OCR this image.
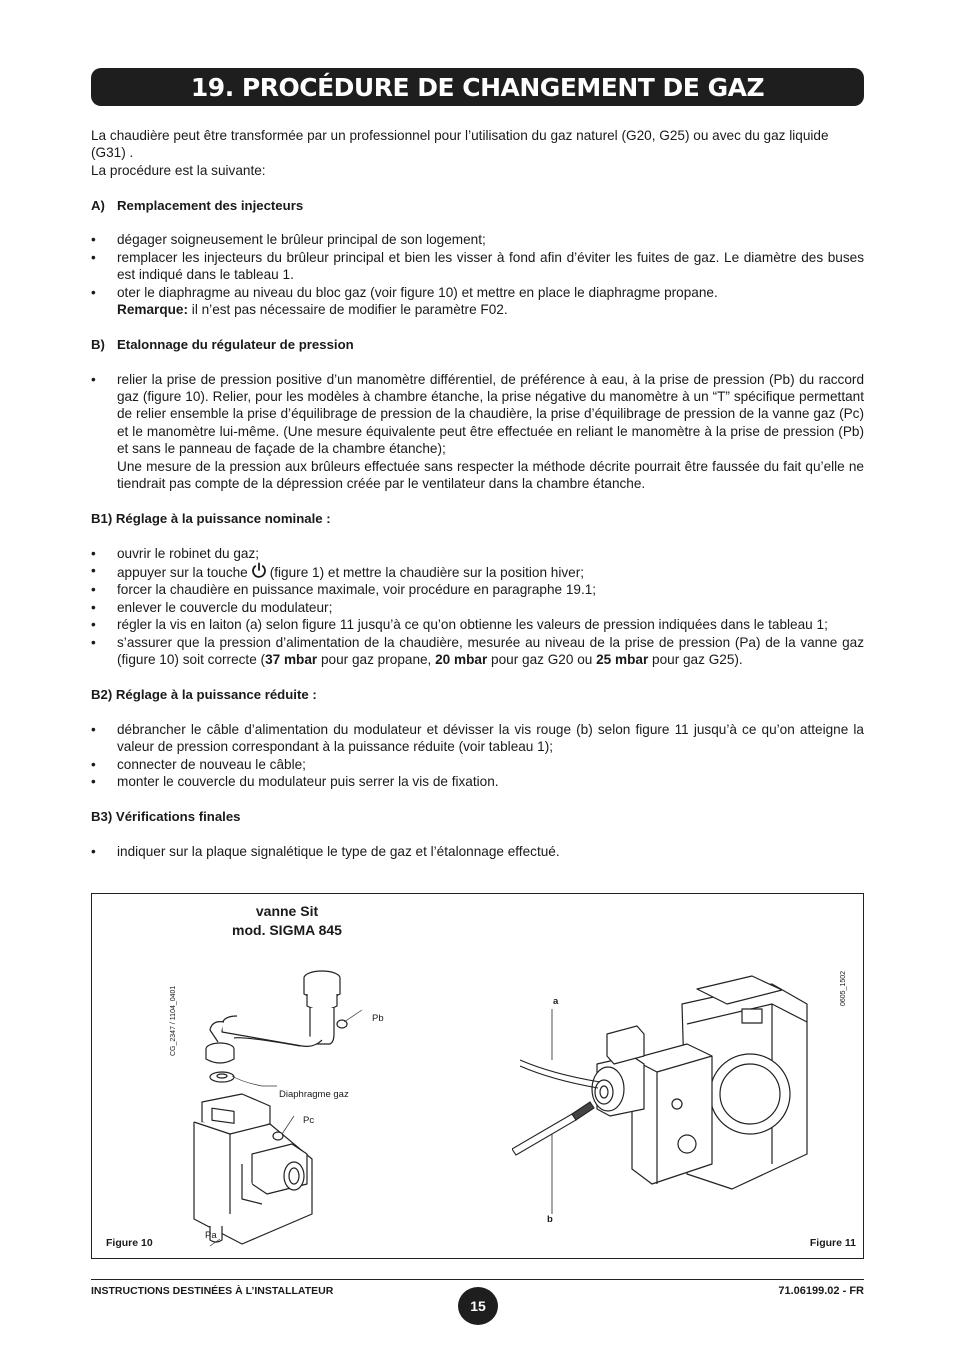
19. PROCÉDURE DE CHANGEMENT DE GAZ

La chaudière peut être transformée par un professionnel pour l’utilisation du gaz naturel (G20, G25) ou avec du gaz liquide (G31) .

La procédure est la suivante:

A) Remplacement des injecteurs

• dégager soigneusement le brûleur principal de son logement;
• remplacer les injecteurs du brûleur principal et bien les visser à fond afin d’éviter les fuites de gaz. Le diamètre des buses est indiqué dans le tableau 1.
• oter le diaphragme au niveau du bloc gaz (voir figure 10) et mettre en place le diaphragme propane.
Remarque: il n’est pas nécessaire de modifier le paramètre F02.

B) Etalonnage du régulateur de pression

• relier la prise de pression positive d’un manomètre différentiel, de préférence à eau, à la prise de pression (Pb) du raccord gaz (figure 10). Relier, pour les modèles à chambre étanche, la prise négative du manomètre à un “T” spécifique permettant de relier ensemble la prise d’équilibrage de pression de la chaudière, la prise d’équilibrage de pression de la vanne gaz (Pc) et le manomètre lui-même. (Une mesure équivalente peut être effectuée en reliant le manomètre à la prise de pression (Pb) et sans le panneau de façade de la chambre étanche);
Une mesure de la pression aux brûleurs effectuée sans respecter la méthode décrite pourrait être faussée du fait qu’elle ne tiendrait pas compte de la dépression créée par le ventilateur dans la chambre étanche.

B1) Réglage à la puissance nominale :

• ouvrir le robinet du gaz;
• appuyer sur la touche (figure 1) et mettre la chaudière sur la position hiver;
• forcer la chaudière en puissance maximale, voir procédure en paragraphe 19.1;
• enlever le couvercle du modulateur;
• régler la vis en laiton (a) selon figure 11 jusqu’à ce qu’on obtienne les valeurs de pression indiquées dans le tableau 1;
• s’assurer que la pression d’alimentation de la chaudière, mesurée au niveau de la prise de pression (Pa) de la vanne gaz (figure 10) soit correcte (37 mbar pour gaz propane, 20 mbar pour gaz G20 ou 25 mbar pour gaz G25).

B2) Réglage à la puissance réduite :

• débrancher le câble d’alimentation du modulateur et dévisser la vis rouge (b) selon figure 11 jusqu’à ce qu’on atteigne la valeur de pression correspondant à la puissance réduite (voir tableau 1);
• connecter de nouveau le câble;
• monter le couvercle du modulateur puis serrer la vis de fixation.

B3) Vérifications finales

• indiquer sur la plaque signalétique le type de gaz et l’étalonnage effectué.
vanne Sit
mod. SIGMA 845
CG_2347 / 1104_0401	0605_1502
Pb
Diaphragme gaz
Pc
Pa
a
b
Figure 10	Figure 11
INSTRUCTIONS DESTINÉES À L’INSTALLATEUR
15
71.06199.02 - FR
